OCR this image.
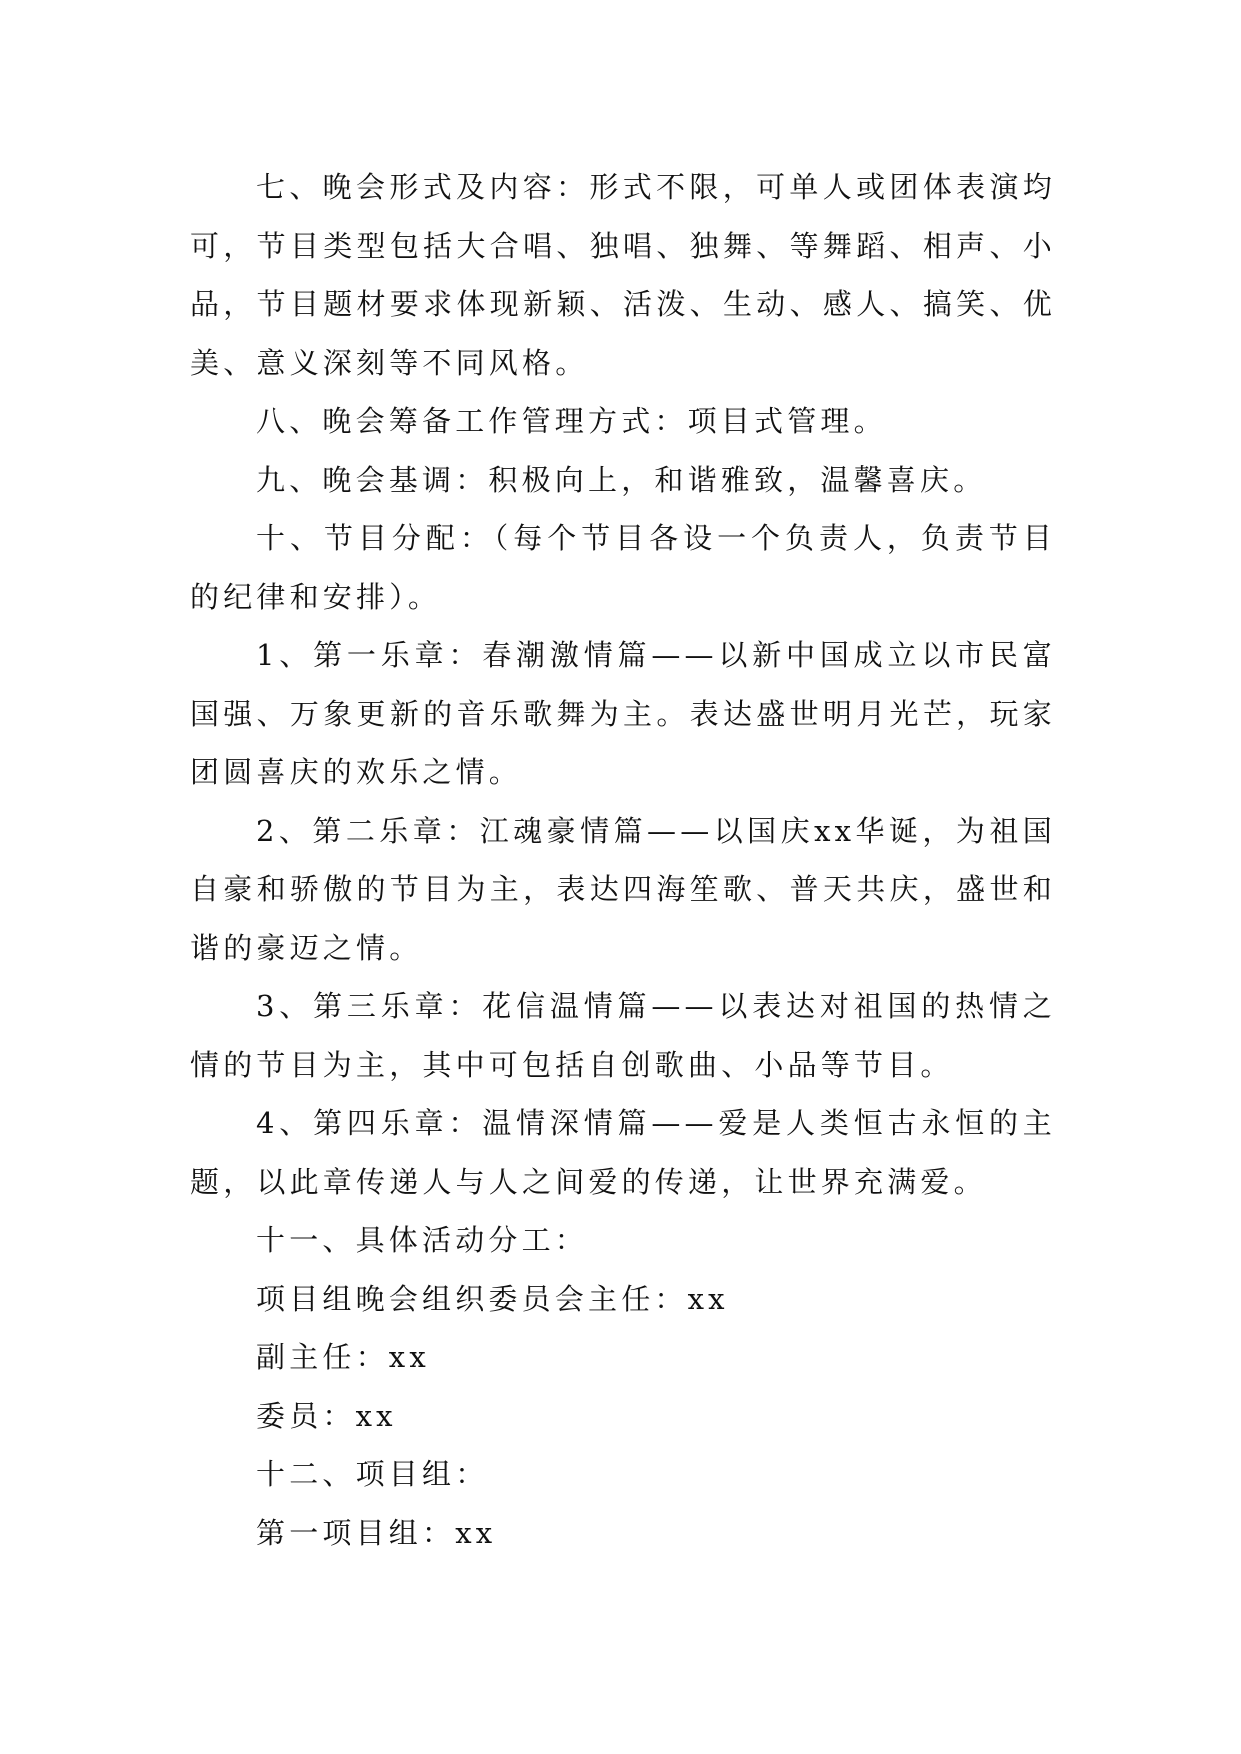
七、晚会形式及内容：形式不限，可单人或团体表演均可，节目类型包括大合唱、独唱、独舞、等舞蹈、相声、小品，节目题材要求体现新颖、活泼、生动、感人、搞笑、优美、意义深刻等不同风格。

八、晚会筹备工作管理方式：项目式管理。

九、晚会基调：积极向上，和谐雅致，温馨喜庆。

十、节目分配：（每个节目各设一个负责人，负责节目的纪律和安排）。

1、第一乐章：春潮激情篇——以新中国成立以市民富国强、万象更新的音乐歌舞为主。表达盛世明月光芒，玩家团圆喜庆的欢乐之情。

2、第二乐章：江魂豪情篇——以国庆xx华诞，为祖国自豪和骄傲的节目为主，表达四海笙歌、普天共庆，盛世和谐的豪迈之情。

3、第三乐章：花信温情篇——以表达对祖国的热情之情的节目为主，其中可包括自创歌曲、小品等节目。

4、第四乐章：温情深情篇——爱是人类恒古永恒的主题，以此章传递人与人之间爱的传递，让世界充满爱。

十一、具体活动分工：

项目组晚会组织委员会主任：xx

副主任：xx

委员：xx

十二、项目组：

第一项目组：xx
